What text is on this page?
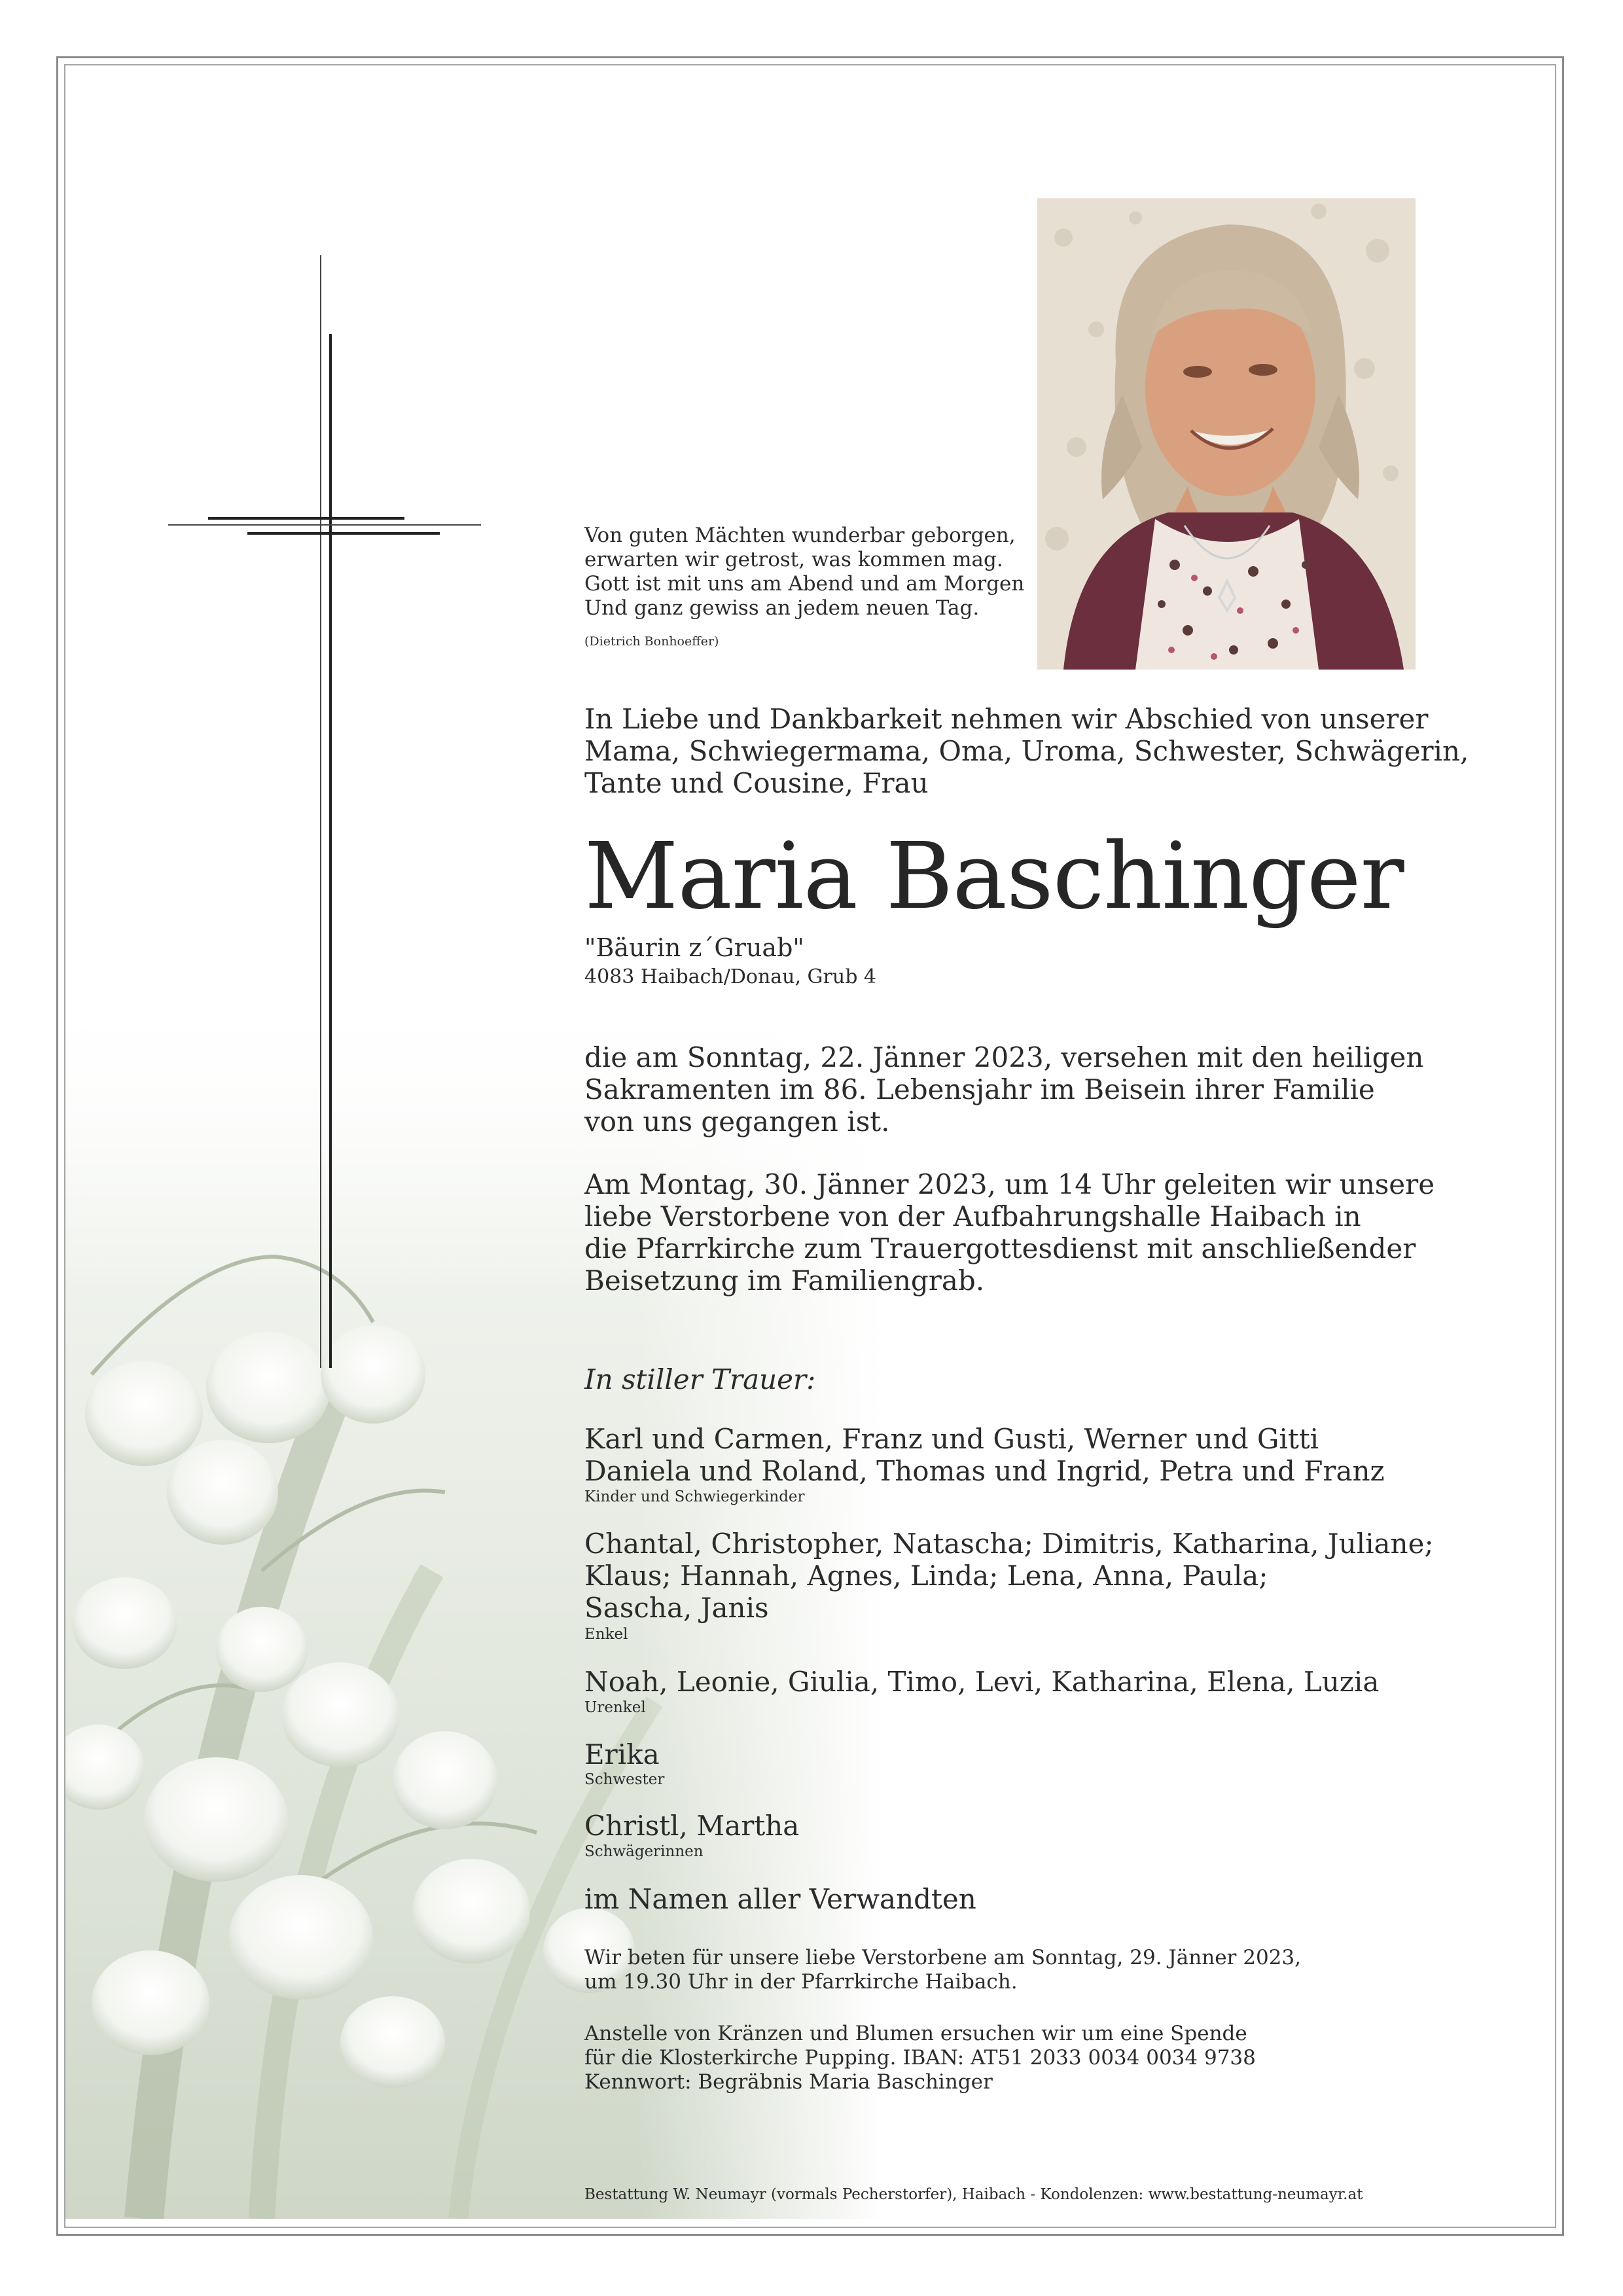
Von guten Mächten wunderbar geborgen,
erwarten wir getrost, was kommen mag.
Gott ist mit uns am Abend und am Morgen
Und ganz gewiss an jedem neuen Tag.

(Dietrich Bonhoeffer)

In Liebe und Dankbarkeit nehmen wir Abschied von unserer
Mama, Schwiegermama, Oma, Uroma, Schwester, Schwägerin,
Tante und Cousine, Frau

Maria Baschinger

"Bäurin z´Gruab"

4083 Haibach/Donau, Grub 4

die am Sonntag, 22. Jänner 2023, versehen mit den heiligen
Sakramenten im 86. Lebensjahr im Beisein ihrer Familie
von uns gegangen ist.

Am Montag, 30. Jänner 2023, um 14 Uhr geleiten wir unsere
liebe Verstorbene von der Aufbahrungshalle Haibach in
die Pfarrkirche zum Trauergottesdienst mit anschließender
Beisetzung im Familiengrab.

In stiller Trauer:

Karl und Carmen, Franz und Gusti, Werner und Gitti
Daniela und Roland, Thomas und Ingrid, Petra und Franz

Kinder und Schwiegerkinder

Chantal, Christopher, Natascha; Dimitris, Katharina, Juliane;
Klaus; Hannah, Agnes, Linda; Lena, Anna, Paula;
Sascha, Janis

Enkel

Noah, Leonie, Giulia, Timo, Levi, Katharina, Elena, Luzia

Urenkel

Erika

Schwester

Christl, Martha

Schwägerinnen

im Namen aller Verwandten

Wir beten für unsere liebe Verstorbene am Sonntag, 29. Jänner 2023,
um 19.30 Uhr in der Pfarrkirche Haibach.

Anstelle von Kränzen und Blumen ersuchen wir um eine Spende
für die Klosterkirche Pupping. IBAN: AT51 2033 0034 0034 9738
Kennwort: Begräbnis Maria Baschinger

Bestattung W. Neumayr (vormals Pecherstorfer), Haibach - Kondolenzen: www.bestattung-neumayr.at
